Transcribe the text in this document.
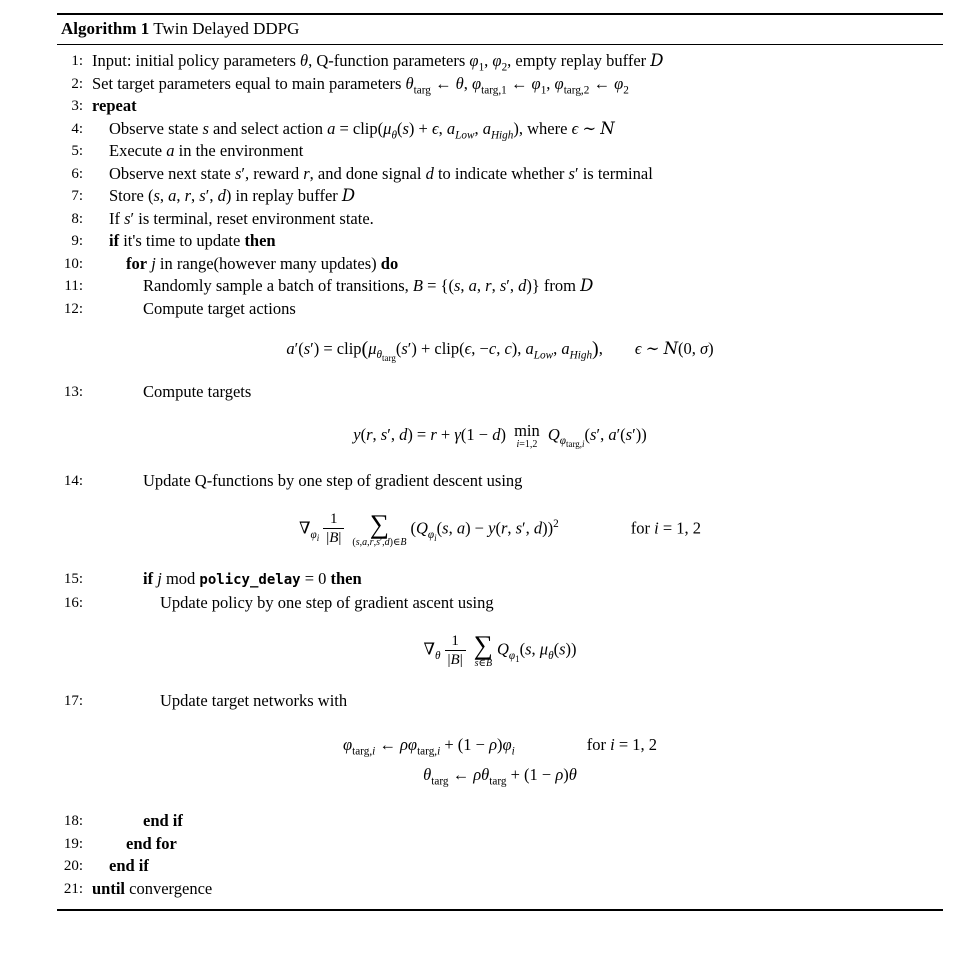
Algorithm 1 Twin Delayed DDPG
1: Input: initial policy parameters θ, Q-function parameters $\varphi_1$, $\varphi_2$, empty replay buffer D
2: Set target parameters equal to main parameters $\theta_{targ}$ ← θ, $\varphi_{targ,1}$ ← $\varphi_1$, $\varphi_{targ,2}$ ← $\varphi_2$
3: repeat
4:	Observe state s and select action $a = clip(\mu_\theta(s) + \epsilon$, $a_{Low}$, $a_{High}$), where ϵ ∼ N
5:	Execute a in the environment
6:	Observe next state s′, reward r, and done signal d to indicate whether s′ is terminal
7:	Store (s, a, r, s′, d) in replay buffer D
8:	If s′ is terminal, reset environment state.
9:	if it's time to update then
10:	for j in range(however many updates) do
11:	Randomly sample a batch of transitions, B = {(s, a, r, s′, d)} from D
12:	Compute target actions
$a'(s') = clip(\mu_{\theta_{targ}}(s')$ + clip(ϵ, −c, c), $a_{Low}$, $a_{High}$), ϵ ∼ N(0, σ)
13:	Compute targets
y(r, s′, d) = r + γ(1 − d) min
i=1,2
$Q_{\varphi_{targ,i}}(s'$, a′(s′))
14:	Update Q-functions by one step of gradient descent using
$\nabla_{\varphi_i} \frac{1}{|B|}$ ∑
(s,a,r,s′,d)∈B
($Q_{\varphi_i}(s$, a) − y(r, s′, d))$^2$	for i = 1, 2
15:	if j mod policy_delay = 0 then
16:	Update policy by one step of gradient ascent using
$\nabla_\theta \frac{1}{|B|}$ ∑
s∈B
$Q_{\varphi_1}(s$, $\mu_\theta(s)$)
17:	Update target networks with
$\varphi_{targ,i}$ ← $\rho\varphi_{targ,i} + (1 - \rho)\varphi_i$	for i = 1, 2
$\theta_{targ}$ ← $\rho\theta_{targ} + (1 - \rho)\theta$
18:	end if
19:	end for
20:	end if
21: until convergence
